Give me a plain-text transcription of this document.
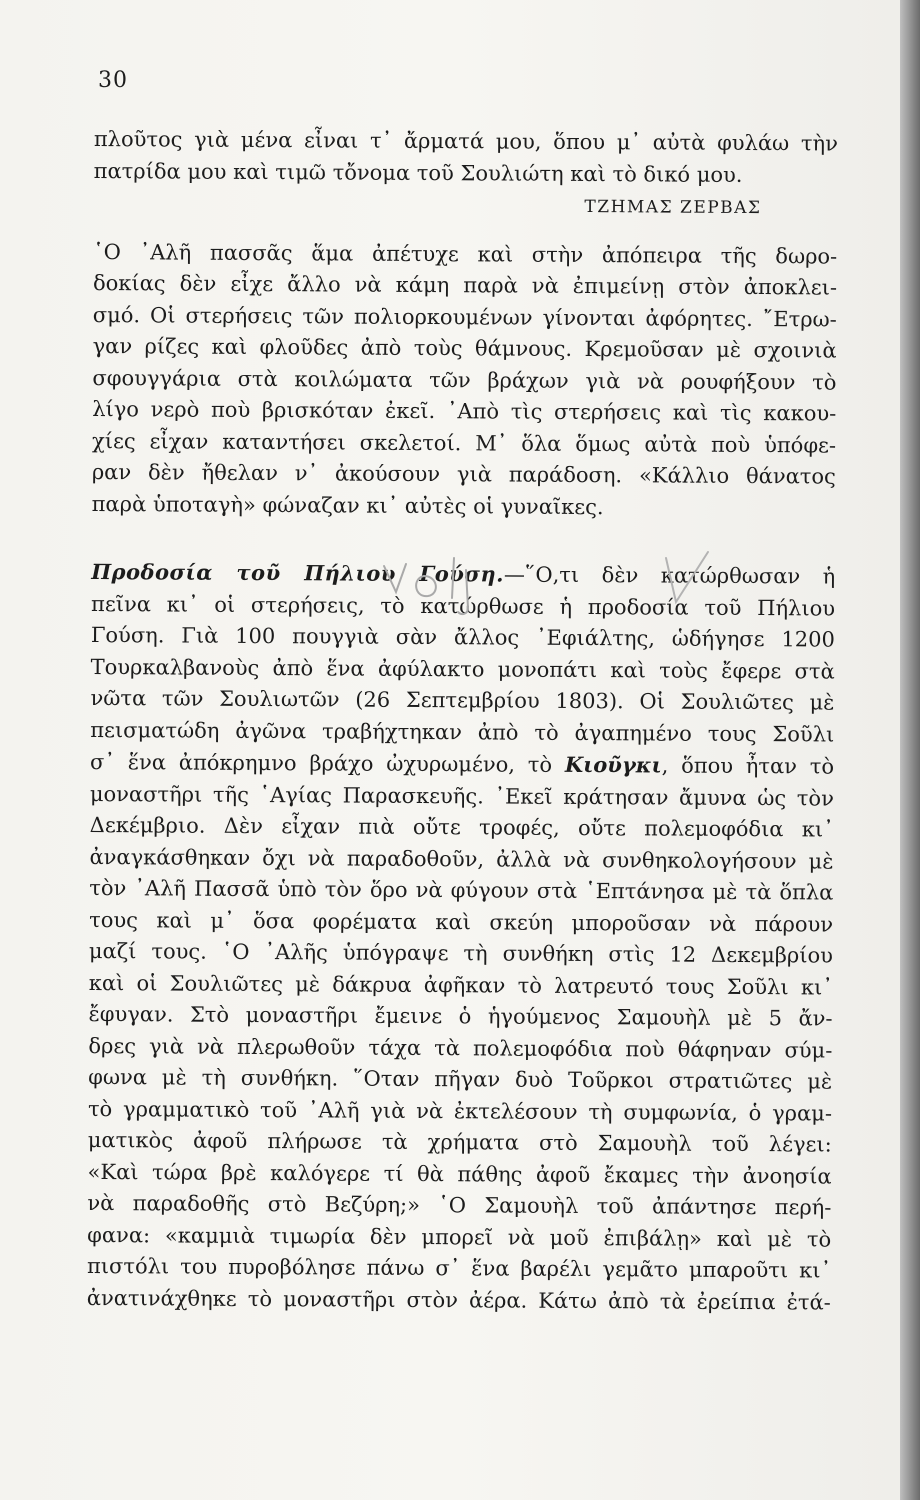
30
πλοῦτος γιὰ μένα εἶναι τ᾽ ἄρματά μου, ὅπου μ᾽ αὐτὰ φυλάω τὴν
πατρίδα μου καὶ τιμῶ τὄνομα τοῦ Σουλιώτη καὶ τὸ δικό μου.
ΤΖΗΜΑΣ ΖΕΡΒΑΣ
῾Ο ᾽Αλῆ πασσᾶς ἅμα ἀπέτυχε καὶ στὴν ἀπόπειρα τῆς δωρο-
δοκίας δὲν εἶχε ἄλλο νὰ κάμη παρὰ νὰ ἐπιμείνῃ στὸν ἀποκλει-
σμό. Οἱ στερήσεις τῶν πολιορκουμένων γίνονται ἀφόρητες. ῎Ετρω-
γαν ρίζες καὶ φλοῦδες ἀπὸ τοὺς θάμνους. Κρεμοῦσαν μὲ σχοινιὰ
σφουγγάρια στὰ κοιλώματα τῶν βράχων γιὰ νὰ ρουφήξουν τὸ
λίγο νερὸ ποὺ βρισκόταν ἐκεῖ. ᾽Απὸ τὶς στερήσεις καὶ τὶς κακου-
χίες εἶχαν καταντήσει σκελετοί. Μ᾽ ὅλα ὅμως αὐτὰ ποὺ ὑπόφε-
ραν δὲν ἤθελαν ν᾽ ἀκούσουν γιὰ παράδοση. «Κάλλιο θάνατος
παρὰ ὑποταγὴ» φώναζαν κι᾽ αὐτὲς οἱ γυναῖκες.
Προδοσία τοῦ Πήλιου Γούση.—῞Ο,τι δὲν κατώρθωσαν ἡ
πεῖνα κι᾽ οἱ στερήσεις, τὸ κατώρθωσε ἡ προδοσία τοῦ Πήλιου
Γούση. Γιὰ 100 πουγγιὰ σὰν ἄλλος ᾽Εφιάλτης, ὡδήγησε 1200
Τουρκαλβανοὺς ἀπὸ ἕνα ἀφύλακτο μονοπάτι καὶ τοὺς ἔφερε στὰ
νῶτα τῶν Σουλιωτῶν (26 Σεπτεμβρίου 1803). Οἱ Σουλιῶτες μὲ
πεισματώδη ἀγῶνα τραβήχτηκαν ἀπὸ τὸ ἀγαπημένο τους Σοῦλι
σ᾽ ἕνα ἀπόκρημνο βράχο ὠχυρωμένο, τὸ Κιοῦγκι, ὅπου ἦταν τὸ
μοναστῆρι τῆς ῾Αγίας Παρασκευῆς. ᾽Εκεῖ κράτησαν ἄμυνα ὡς τὸν
Δεκέμβριο. Δὲν εἶχαν πιὰ οὔτε τροφές, οὔτε πολεμοφόδια κι᾽
ἀναγκάσθηκαν ὄχι νὰ παραδοθοῦν, ἀλλὰ νὰ συνθηκολογήσουν μὲ
τὸν ᾽Αλῆ Πασσᾶ ὑπὸ τὸν ὅρο νὰ φύγουν στὰ ῾Επτάνησα μὲ τὰ ὅπλα
τους καὶ μ᾽ ὅσα φορέματα καὶ σκεύη μποροῦσαν νὰ πάρουν
μαζί τους. ῾Ο ᾽Αλῆς ὑπόγραψε τὴ συνθήκη στὶς 12 Δεκεμβρίου
καὶ οἱ Σουλιῶτες μὲ δάκρυα ἀφῆκαν τὸ λατρευτό τους Σοῦλι κι᾽
ἔφυγαν. Στὸ μοναστῆρι ἔμεινε ὁ ἡγούμενος Σαμουὴλ μὲ 5 ἄν-
δρες γιὰ νὰ πλερωθοῦν τάχα τὰ πολεμοφόδια ποὺ θάφηναν σύμ-
φωνα μὲ τὴ συνθήκη. ῞Οταν πῆγαν δυὸ Τοῦρκοι στρατιῶτες μὲ
τὸ γραμματικὸ τοῦ ᾽Αλῆ γιὰ νὰ ἐκτελέσουν τὴ συμφωνία, ὁ γραμ-
ματικὸς ἀφοῦ πλήρωσε τὰ χρήματα στὸ Σαμουὴλ τοῦ λέγει:
«Καὶ τώρα βρὲ καλόγερε τί θὰ πάθης ἀφοῦ ἔκαμες τὴν ἀνοησία
νὰ παραδοθῆς στὸ Βεζύρη;» ῾Ο Σαμουὴλ τοῦ ἀπάντησε περή-
φανα: «καμμιὰ τιμωρία δὲν μπορεῖ νὰ μοῦ ἐπιβάλῃ» καὶ μὲ τὸ
πιστόλι του πυροβόλησε πάνω σ᾽ ἕνα βαρέλι γεμᾶτο μπαροῦτι κι᾽
ἀνατινάχθηκε τὸ μοναστῆρι στὸν ἀέρα. Κάτω ἀπὸ τὰ ἐρείπια ἐτά-
